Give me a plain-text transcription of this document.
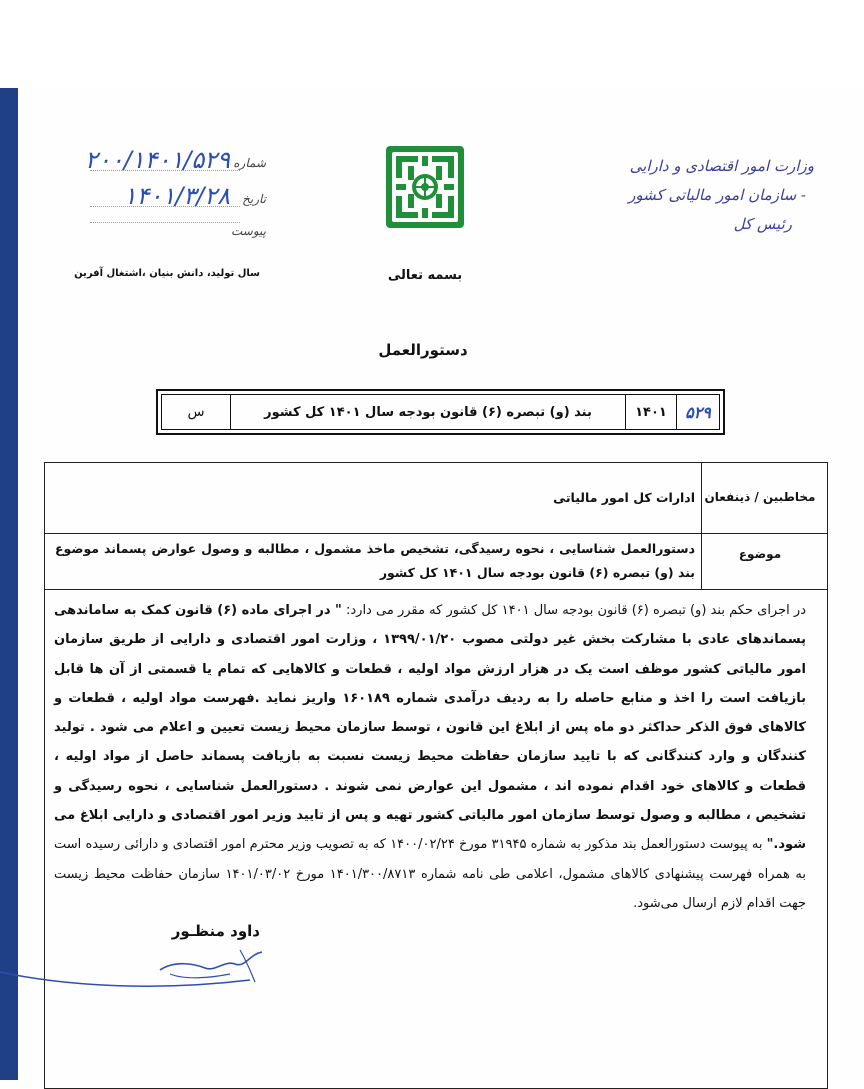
وزارت امور اقتصادی و دارایی
- سازمان امور مالیاتی کشور
رئیس کل
بسمه تعالی
شماره
۲۰۰/۱۴۰۱/۵۲۹
تاریخ
۱۴۰۱/۳/۲۸
پیوست
سال تولید، دانش بنیان ،اشتغال آفرین
دستورالعمل
۵۲۹
۱۴۰۱
بند (و) تبصره (۶) قانون بودجه سال ۱۴۰۱ کل کشور
س
مخاطبین / ذینفعان
ادارات کل امور مالیاتی
موضوع
دستورالعمل شناسایی ، نحوه رسیدگی، تشخیص ماخذ مشمول ، مطالبه و وصول عوارض پسماند موضوع
بند (و) تبصره (۶) قانون بودجه سال ۱۴۰۱ کل کشور

در اجرای حکم بند (و) تبصره (۶) قانون بودجه سال ۱۴۰۱ کل کشور که مقرر می دارد: " در اجرای ماده (۶) قانون کمک به ساماندهی پسماندهای عادی با مشارکت بخش غیر دولتی مصوب ۱۳۹۹/۰۱/۲۰ ، وزارت امور اقتصادی و دارایی از طریق سازمان امور مالیاتی کشور موظف است یک در هزار ارزش مواد اولیه ، قطعات و کالاهایی که تمام یا قسمتی از آن ها قابل بازیافت است را اخذ و منابع حاصله را به ردیف درآمدی شماره ۱۶۰۱۸۹ واریز نماید .فهرست مواد اولیه ، قطعات و کالاهای فوق الذکر حداکثر دو ماه پس از ابلاغ این قانون ، توسط سازمان محیط زیست تعیین و اعلام می شود . تولید کنندگان و وارد کنندگانی که با تایید سازمان حفاظت محیط زیست نسبت به بازیافت پسماند حاصل از مواد اولیه ، قطعات و کالاهای خود اقدام نموده اند ، مشمول این عوارض نمی شوند . دستورالعمل شناسایی ، نحوه رسیدگی و تشخیص ، مطالبه و وصول توسط سازمان امور مالیاتی کشور تهیه و پس از تایید وزیر امور اقتصادی و دارایی ابلاغ می شود." به پیوست دستورالعمل بند مذکور به شماره ۳۱۹۴۵ مورخ ۱۴۰۰/۰۲/۲۴ که به تصویب وزیر محترم امور اقتصادی و دارائی رسیده است به همراه فهرست پیشنهادی کالاهای مشمول، اعلامی طی نامه شماره ۱۴۰۱/۳۰۰/۸۷۱۳ مورخ ۱۴۰۱/۰۳/۰۲ سازمان حفاظت محیط زیست جهت اقدام لازم ارسال می‌شود.

داود منظـور
